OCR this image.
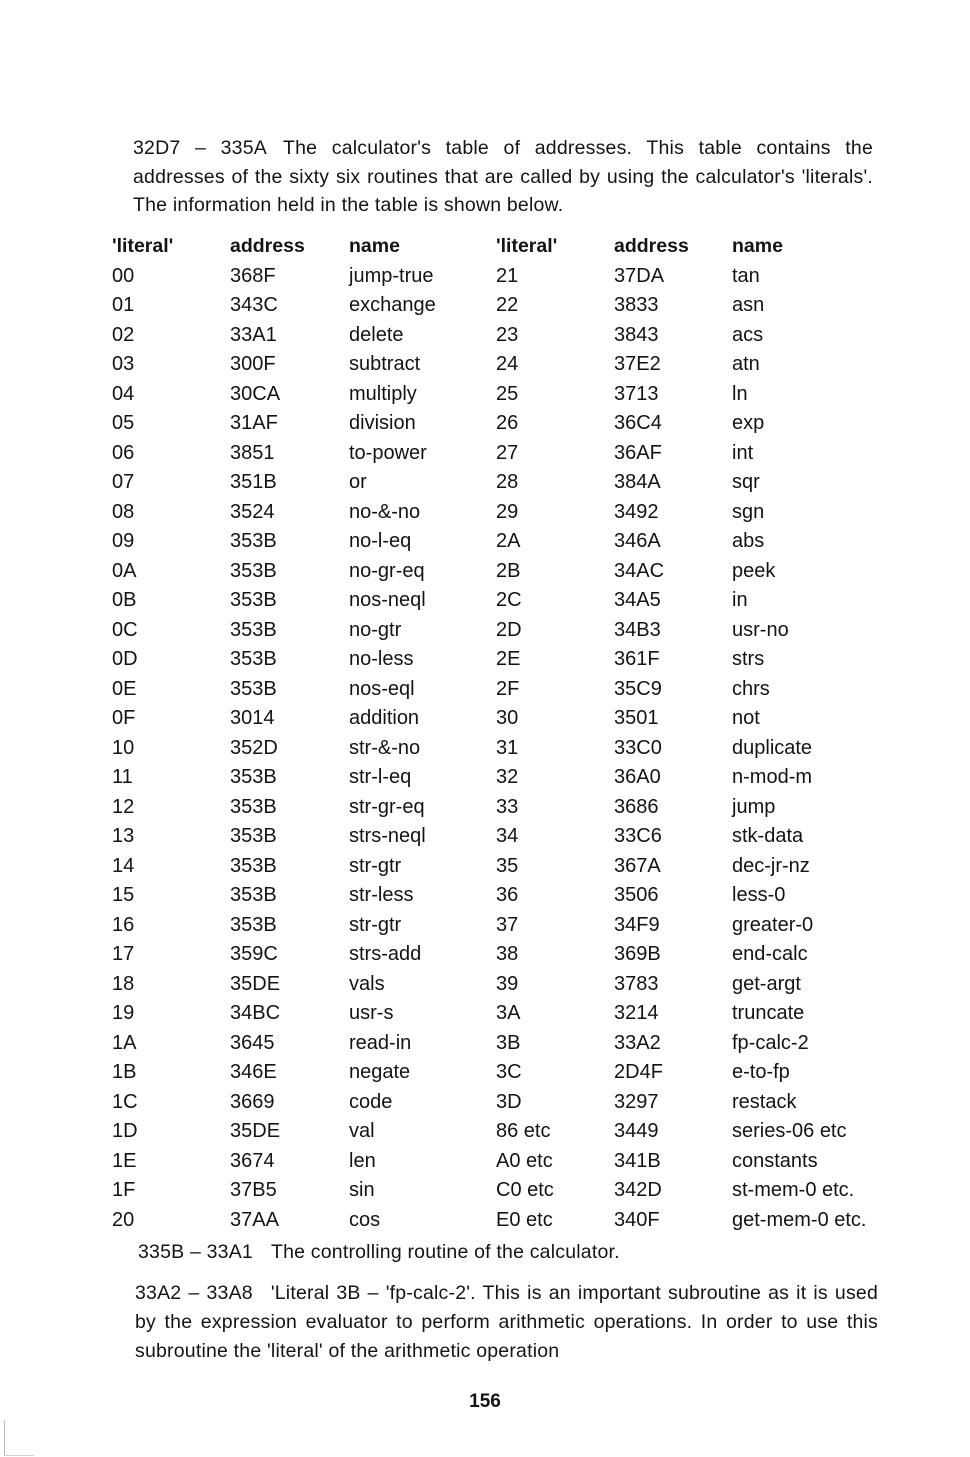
32D7 – 335A The calculator's table of addresses. This table contains the addresses of the sixty six routines that are called by using the calculator's 'literals'. The information held in the table is shown below.
'literal'	address name	'literal'	address name
00	368F	jump-true	21	37DA	tan
01	343C	exchange	22	3833	asn
02	33A1	delete	23	3843	acs
03	300F	subtract	24	37E2	atn
04	30CA	multiply	25	3713	ln
05	31AF	division	26	36C4	exp
06	3851	to-power	27	36AF	int
07	351B	or	28	384A	sqr
08	3524	no-&-no	29	3492	sgn
09	353B	no-l-eq	2A	346A	abs
0A	353B	no-gr-eq	2B	34AC	peek
0B	353B	nos-neql	2C	34A5	in
0C	353B	no-gtr	2D	34B3	usr-no
0D	353B	no-less	2E	361F	strs
0E	353B	nos-eql	2F	35C9	chrs
0F	3014	addition	30	3501	not
10	352D	str-&-no	31	33C0	duplicate
11	353B	str-l-eq	32	36A0	n-mod-m
12	353B	str-gr-eq	33	3686	jump
13	353B	strs-neql	34	33C6	stk-data
14	353B	str-gtr	35	367A	dec-jr-nz
15	353B	str-less	36	3506	less-0
16	353B	str-gtr	37	34F9	greater-0
17	359C	strs-add	38	369B	end-calc
18	35DE	vals	39	3783	get-argt
19	34BC	usr-s	3A	3214	truncate
1A	3645	read-in	3B	33A2	fp-calc-2
1B	346E	negate	3C	2D4F	e-to-fp
1C	3669	code	3D	3297	restack
1D	35DE	val	86 etc	3449	series-06 etc
1E	3674	len	A0 etc	341B	constants
1F	37B5	sin	C0 etc	342D	st-mem-0 etc.
20	37AA	cos	E0 etc	340F	get-mem-0 etc.
335B – 33A1 The controlling routine of the calculator.
33A2 – 33A8 'Literal 3B – 'fp-calc-2'. This is an important subroutine as it is used by the expression evaluator to perform arithmetic operations. In order to use this subroutine the 'literal' of the arithmetic operation
156
